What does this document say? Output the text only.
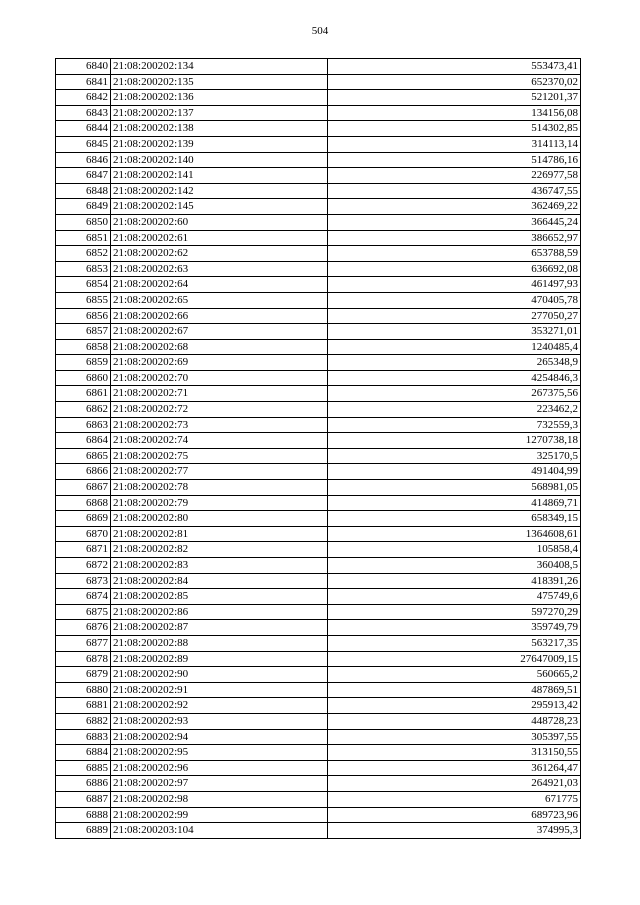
504
6840	21:08:200202:134	553473,41
6841	21:08:200202:135	652370,02
6842	21:08:200202:136	521201,37
6843	21:08:200202:137	134156,08
6844	21:08:200202:138	514302,85
6845	21:08:200202:139	314113,14
6846	21:08:200202:140	514786,16
6847	21:08:200202:141	226977,58
6848	21:08:200202:142	436747,55
6849	21:08:200202:145	362469,22
6850	21:08:200202:60	366445,24
6851	21:08:200202:61	386652,97
6852	21:08:200202:62	653788,59
6853	21:08:200202:63	636692,08
6854	21:08:200202:64	461497,93
6855	21:08:200202:65	470405,78
6856	21:08:200202:66	277050,27
6857	21:08:200202:67	353271,01
6858	21:08:200202:68	1240485,4
6859	21:08:200202:69	265348,9
6860	21:08:200202:70	4254846,3
6861	21:08:200202:71	267375,56
6862	21:08:200202:72	223462,2
6863	21:08:200202:73	732559,3
6864	21:08:200202:74	1270738,18
6865	21:08:200202:75	325170,5
6866	21:08:200202:77	491404,99
6867	21:08:200202:78	568981,05
6868	21:08:200202:79	414869,71
6869	21:08:200202:80	658349,15
6870	21:08:200202:81	1364608,61
6871	21:08:200202:82	105858,4
6872	21:08:200202:83	360408,5
6873	21:08:200202:84	418391,26
6874	21:08:200202:85	475749,6
6875	21:08:200202:86	597270,29
6876	21:08:200202:87	359749,79
6877	21:08:200202:88	563217,35
6878	21:08:200202:89	27647009,15
6879	21:08:200202:90	560665,2
6880	21:08:200202:91	487869,51
6881	21:08:200202:92	295913,42
6882	21:08:200202:93	448728,23
6883	21:08:200202:94	305397,55
6884	21:08:200202:95	313150,55
6885	21:08:200202:96	361264,47
6886	21:08:200202:97	264921,03
6887	21:08:200202:98	671775
6888	21:08:200202:99	689723,96
6889	21:08:200203:104	374995,3
